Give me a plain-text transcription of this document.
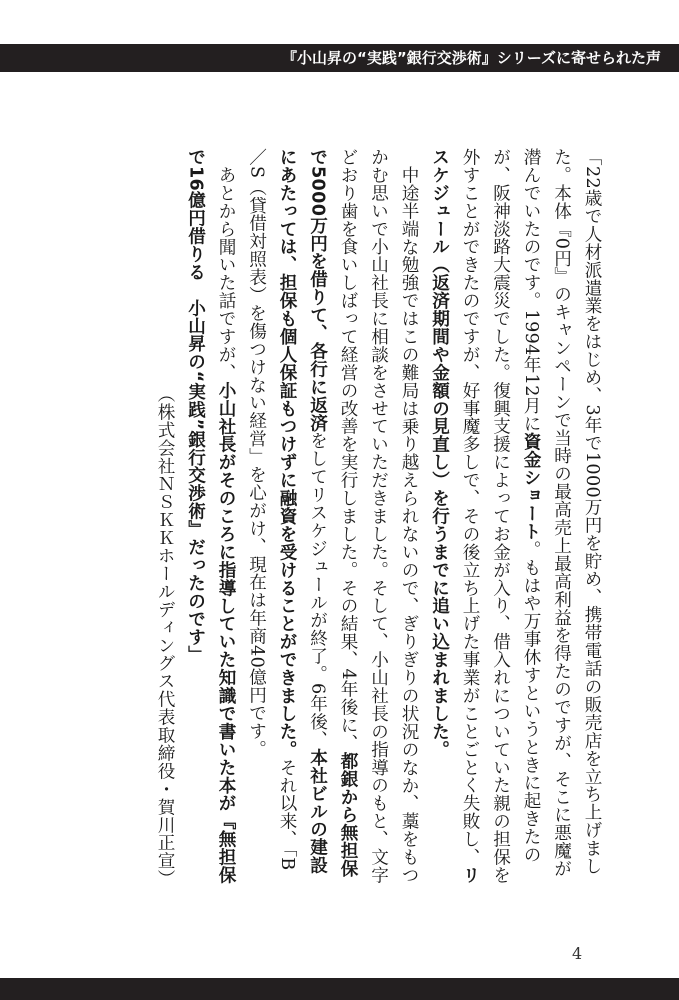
『小山昇の“実践”銀行交渉術』シリーズに寄せられた声

「22歳で人材派遣業をはじめ、3年で1000万円を貯め、携帯電話の販売店を立ち上げました。本体『0円』のキャンペーンで当時の最高売上最高利益を得たのですが、そこに悪魔が潜んでいたのです。1994年12月に資金ショート。もはや万事休すというときに起きたのが、阪神淡路大震災でした。復興支援によってお金が入り、借入れについていた親の担保を外すことができたのですが、好事魔多しで、その後立ち上げた事業がことごとく失敗し、リスケジュール（返済期間や金額の見直し）を行うまでに追い込まれました。

中途半端な勉強ではこの難局は乗り越えられないので、ぎりぎりの状況のなか、藁をもつかむ思いで小山社長に相談をさせていただきました。そして、小山社長の指導のもと、文字どおり歯を食いしばって経営の改善を実行しました。その結果、4年後に、都銀から無担保で5000万円を借りて、各行に返済をしてリスケジュールが終了。6年後、本社ビルの建設にあたっては、担保も個人保証もつけずに融資を受けることができました。それ以来、「B／S（貸借対照表）を傷つけない経営」を心がけ、現在は年商40億円です。

あとから聞いた話ですが、小山社長がそのころに指導していた知識で書いた本が『無担保で16億円借りる　小山昇の“実践”銀行交渉術』だったのです」

（株式会社ＮＳＫＫホールディングス代表取締役・賀川正宣）

4
